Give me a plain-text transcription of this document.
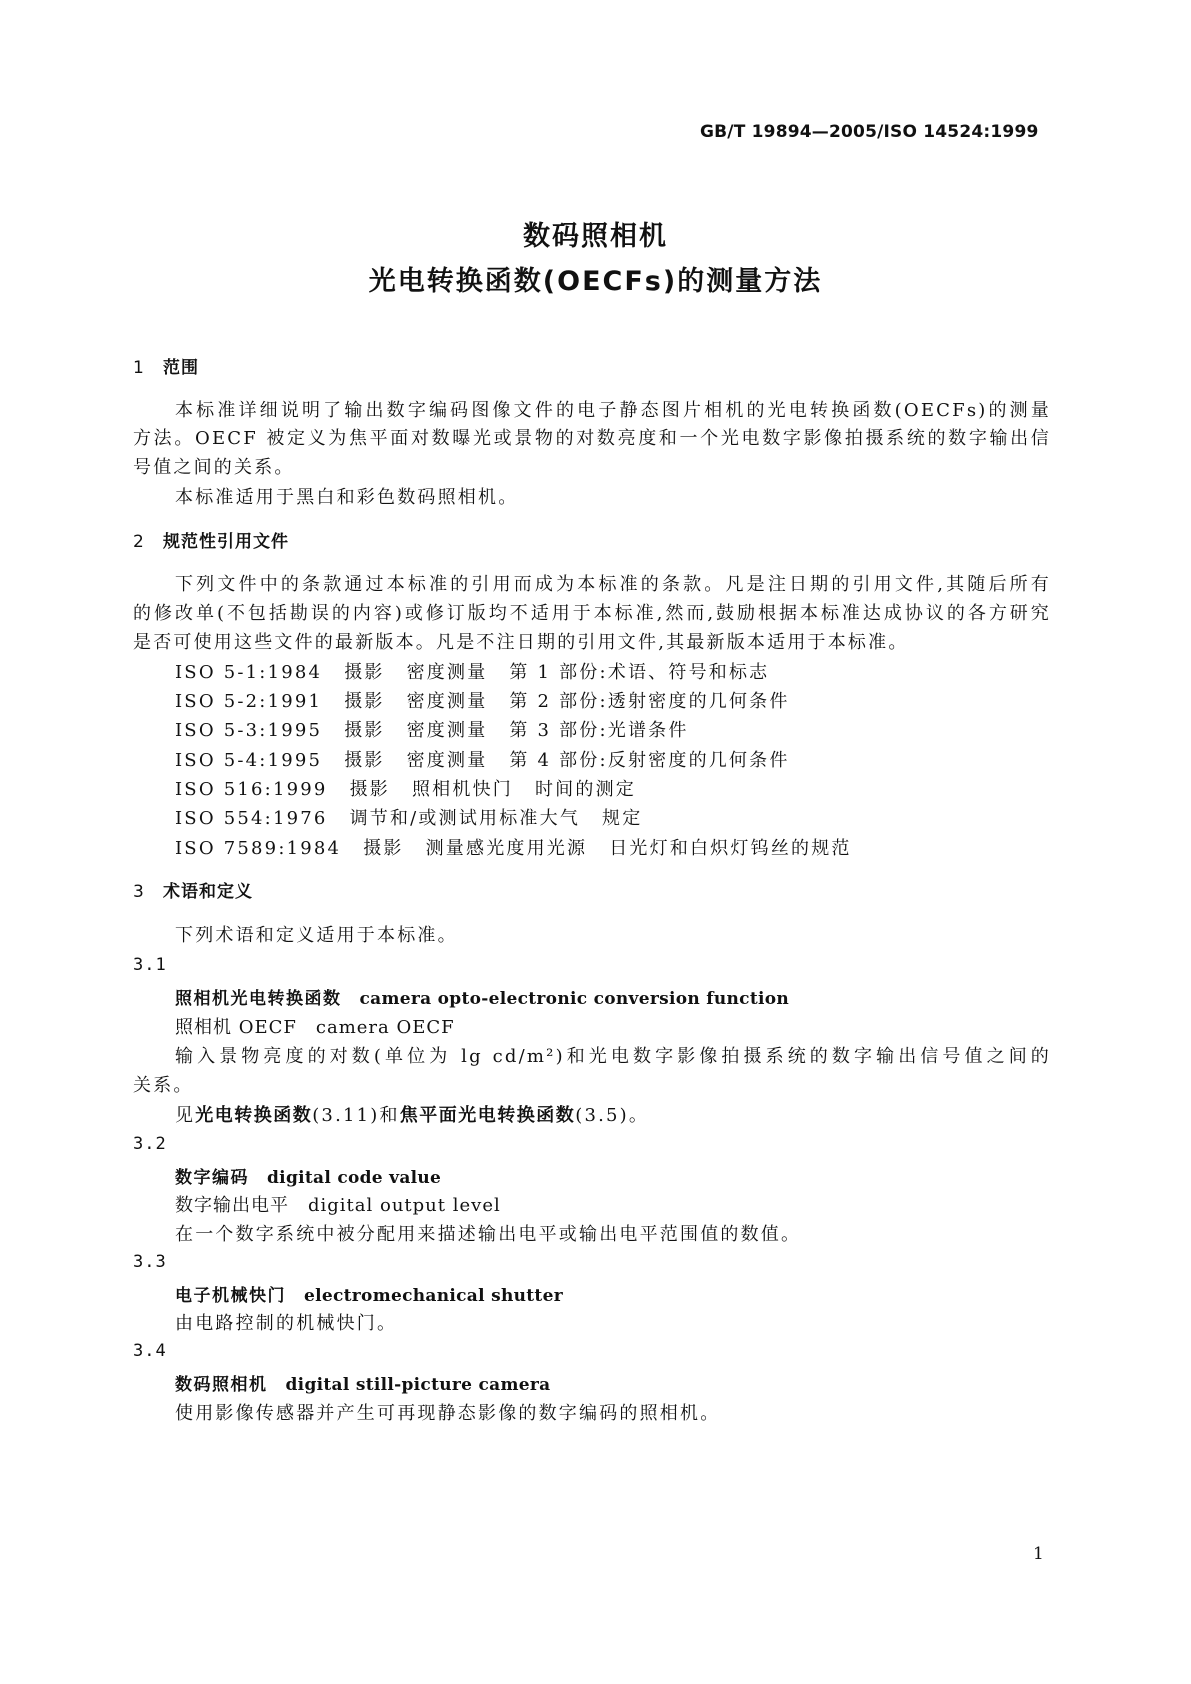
GB/T 19894—2005/ISO 14524:1999
数码照相机
光电转换函数(OECFs)的测量方法
1 范围
本标准详细说明了输出数字编码图像文件的电子静态图片相机的光电转换函数(OECFs)的测量
方法。OECF 被定义为焦平面对数曝光或景物的对数亮度和一个光电数字影像拍摄系统的数字输出信
号值之间的关系。
本标准适用于黑白和彩色数码照相机。
2 规范性引用文件
下列文件中的条款通过本标准的引用而成为本标准的条款。凡是注日期的引用文件,其随后所有
的修改单(不包括勘误的内容)或修订版均不适用于本标准,然而,鼓励根据本标准达成协议的各方研究
是否可使用这些文件的最新版本。凡是不注日期的引用文件,其最新版本适用于本标准。
ISO 5-1:1984 摄影 密度测量 第 1 部份:术语、符号和标志
ISO 5-2:1991 摄影 密度测量 第 2 部份:透射密度的几何条件
ISO 5-3:1995 摄影 密度测量 第 3 部份:光谱条件
ISO 5-4:1995 摄影 密度测量 第 4 部份:反射密度的几何条件
ISO 516:1999 摄影 照相机快门 时间的测定
ISO 554:1976 调节和/或测试用标准大气 规定
ISO 7589:1984 摄影 测量感光度用光源 日光灯和白炽灯钨丝的规范
3 术语和定义
下列术语和定义适用于本标准。
3.1
照相机光电转换函数 camera opto-electronic conversion function
照相机 OECF　camera OECF
输入景物亮度的对数(单位为 lg cd/m²)和光电数字影像拍摄系统的数字输出信号值之间的
关系。
见光电转换函数(3.11)和焦平面光电转换函数(3.5)。
3.2
数字编码 digital code value
数字输出电平　digital output level
在一个数字系统中被分配用来描述输出电平或输出电平范围值的数值。
3.3
电子机械快门 electromechanical shutter
由电路控制的机械快门。
3.4
数码照相机 digital still-picture camera
使用影像传感器并产生可再现静态影像的数字编码的照相机。
1
